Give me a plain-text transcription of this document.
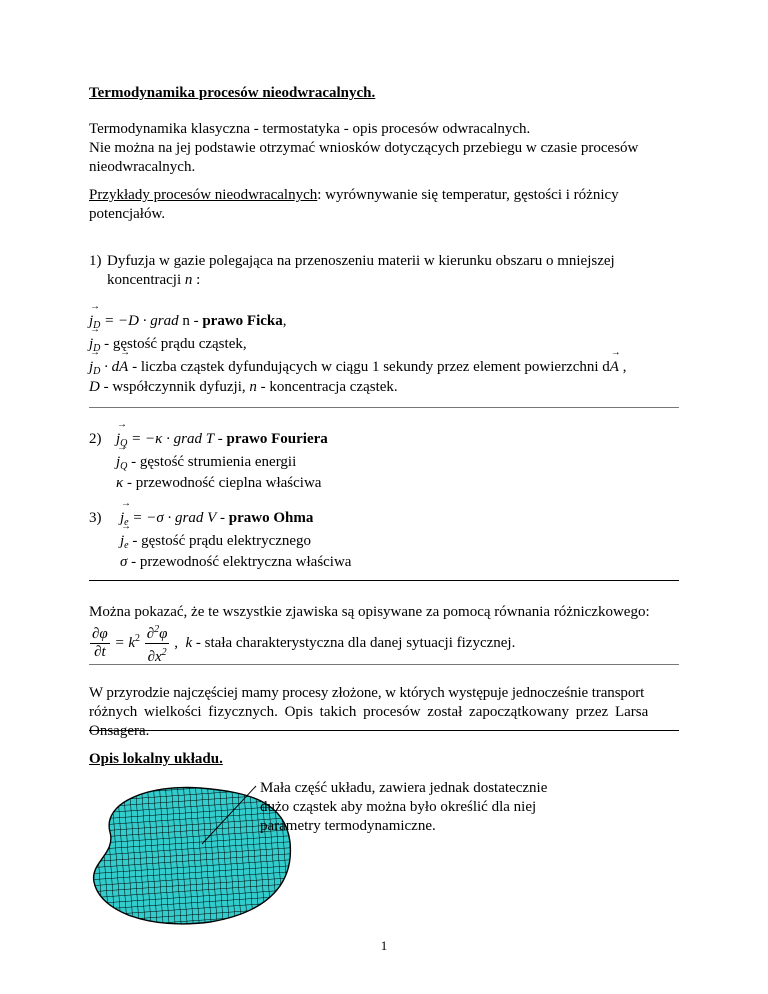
Termodynamika procesów nieodwracalnych.
Termodynamika klasyczna - termostatyka - opis procesów odwracalnych.
Nie można na jej podstawie otrzymać wniosków dotyczących przebiegu w czasie procesów
nieodwracalnych.
Przykłady procesów nieodwracalnych: wyrównywanie się temperatur, gęstości i różnicy
potencjałów.
1) Dyfuzja w gazie polegająca na przenoszeniu materii w kierunku obszaru o mniejszej
koncentracji n :
→ $j_D = -D$ · grad n - prawo Ficka,
→ $j_D$ - gęstość prądu cząstek,
→ $j_D \cdot d\to A$ - liczba cząstek dyfundujących w ciągu 1 sekundy przez element powierzchni d→ A ,
D - współczynnik dyfuzji, n - koncentracja cząstek.
$2) \to j_Q = -\kappa$ · grad T - prawo Fouriera
→ $j_Q$ - gęstość strumienia energii
κ - przewodność cieplna właściwa
$3) \to j_e = -\sigma$ · grad V - prawo Ohma
→ $j_e$ - gęstość prądu elektrycznego
σ - przewodność elektryczna właściwa
Można pokazać, że te wszystkie zjawiska są opisywane za pomocą równania różniczkowego:
$\frac{\partial\varphi}{\partial t} = k^2 \frac{\partial^2\varphi}{\partial x^2}$ , k - stała charakterystyczna dla danej sytuacji fizycznej.
W przyrodzie najczęściej mamy procesy złożone, w których występuje jednocześnie transport
różnych wielkości fizycznych. Opis takich procesów został zapoczątkowany przez Larsa
Onsagera.
Opis lokalny układu.
Mała część układu, zawiera jednak dostatecznie
dużo cząstek aby można było określić dla niej
parametry termodynamiczne.
1
